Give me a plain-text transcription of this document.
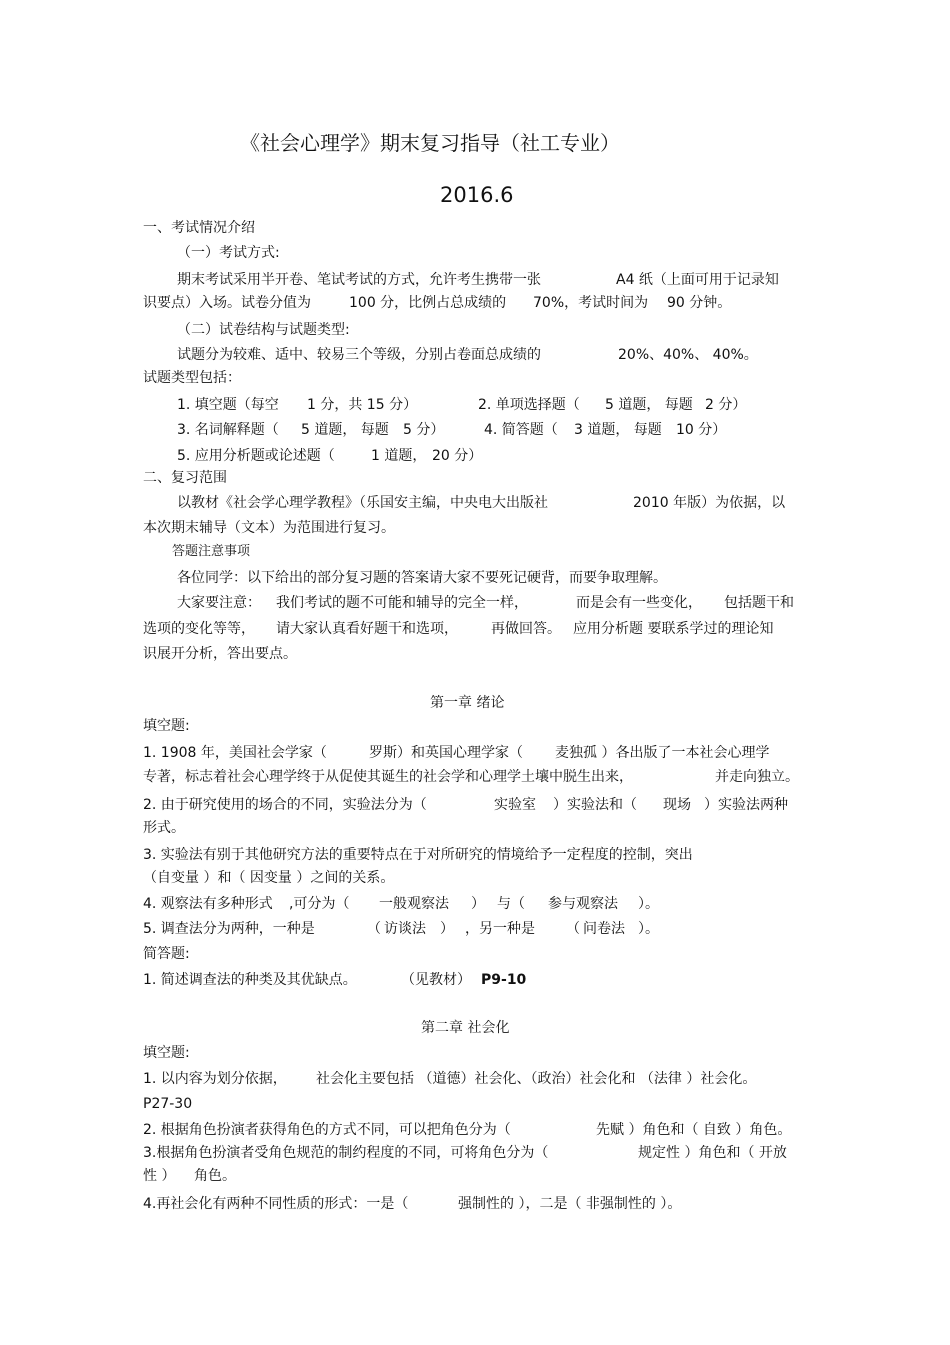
《社会心理学》期末复习指导（社工专业）
2016.6
一、考试情况介绍
（一）考试方式:
期末考试采用半开卷、笔试考试的方式，允许考生携带一张	A4 纸（上面可用于记录知
识要点）入场。试卷分值为	100 分，比例占总成绩的 70%，考试时间为 90 分钟。
（二）试卷结构与试题类型:
试题分为较难、适中、较易三个等级，分别占卷面总成绩的	20%、40%、 40%。
试题类型包括：
1. 填空题（每空 1 分，共 15 分）	2. 单项选择题（ 5 道题， 每题 2 分）
3. 名词解释题（ 5 道题， 每题 5 分）	4. 简答题（ 3 道题， 每题 10 分）
5. 应用分析题或论述题（	1 道题， 20 分）
二、复习范围
以教材《社会学心理学教程》（乐国安主编，中央电大出版社	2010 年版）为依据，以
本次期末辅导（文本）为范围进行复习。
答题注意事项
各位同学：以下给出的部分复习题的答案请大家不要死记硬背，而要争取理解。
大家要注意： 我们考试的题不可能和辅导的完全一样，	而是会有一些变化， 包括题干和
选项的变化等等， 请大家认真看好题干和选项， 再做回答。 应用分析题 要联系学过的理论知
识展开分析，答出要点。
第一章 绪论
填空题:
1. 1908 年，美国社会学家（	罗斯）和英国心理学家（ 麦独孤 ）各出版了一本社会心理学
专著，标志着社会心理学终于从促使其诞生的社会学和心理学土壤中脱生出来，	并走向独立。
2. 由于研究使用的场合的不同，实验法分为（	实验室 ）实验法和（ 现场 ）实验法两种
形式。
3. 实验法有别于其他研究方法的重要特点在于对所研究的情境给予一定程度的控制，突出
（自变量 ）和（ 因变量 ）之间的关系。
4. 观察法有多种形式 ,可分为（ 一般观察法 ） 与（ 参与观察法 ）。
5. 调查法分为两种，一种是	（ 访谈法 ） ，另一种是 （ 问卷法 ）。
简答题:
1. 简述调查法的种类及其优缺点。	（见教材） P9-10
第二章 社会化
填空题:
1. 以内容为划分依据， 社会化主要包括 （道德）社会化、（政治）社会化和 （法律 ）社会化。
P27-30
2. 根据角色扮演者获得角色的方式不同，可以把角色分为（	先赋 ）角色和（ 自致 ）角色。
3.根据角色扮演者受角色规范的制约程度的不同，可将角色分为（	规定性 ）角色和（ 开放
性 ） 角色。
4.再社会化有两种不同性质的形式：一是（	强制性的 ），二是（ 非强制性的 ）。
